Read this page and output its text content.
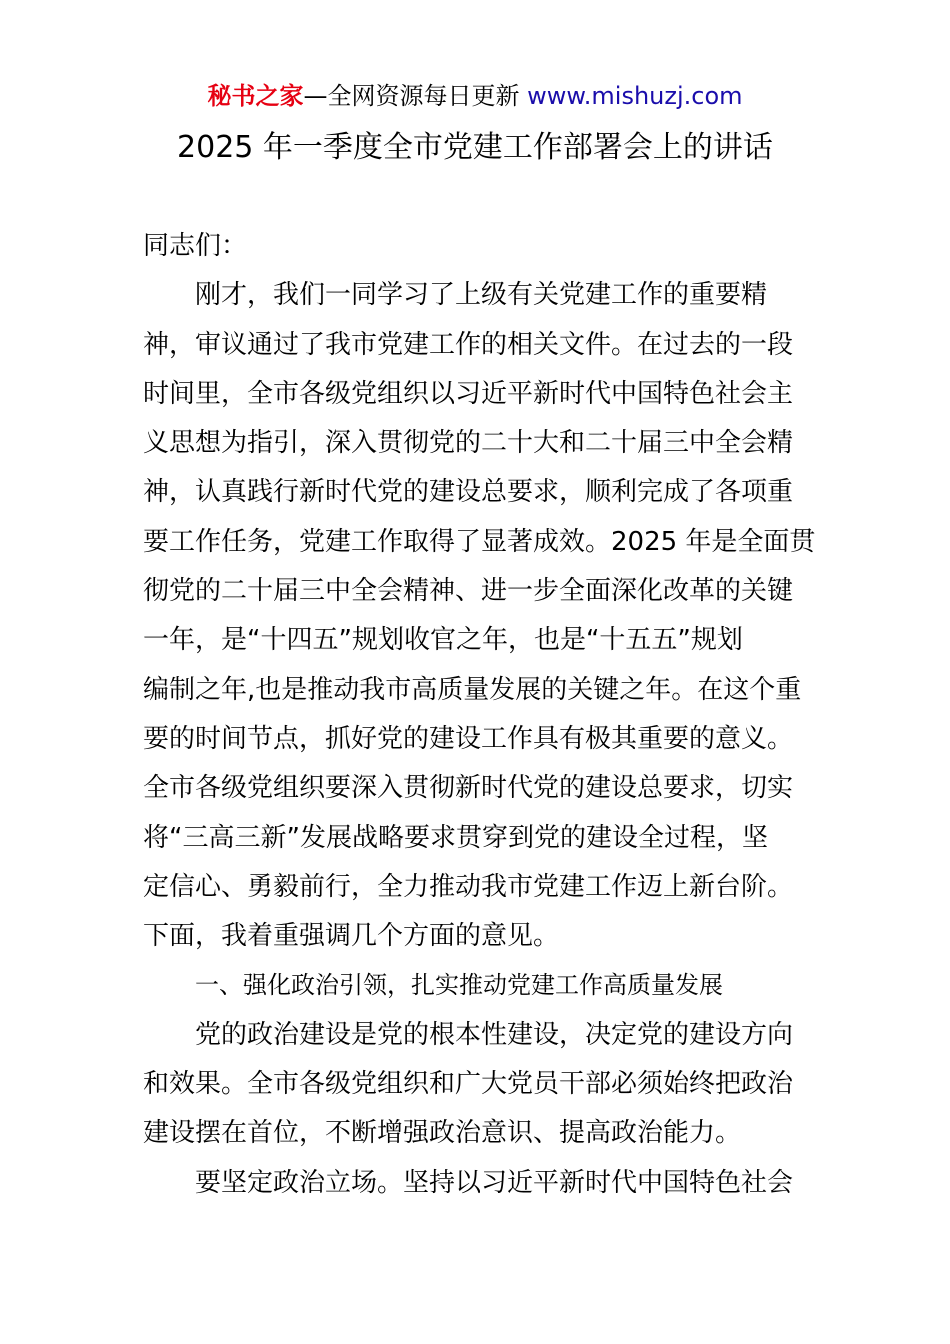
秘书之家—全网资源每日更新 www.mishuzj.com
2025 年一季度全市党建工作部署会上的讲话
同志们：
刚才，我们一同学习了上级有关党建工作的重要精
神，审议通过了我市党建工作的相关文件。在过去的一段
时间里，全市各级党组织以习近平新时代中国特色社会主
义思想为指引，深入贯彻党的二十大和二十届三中全会精
神，认真践行新时代党的建设总要求，顺利完成了各项重
要工作任务，党建工作取得了显著成效。2025 年是全面贯
彻党的二十届三中全会精神、进一步全面深化改革的关键
一年，是“十四五”规划收官之年，也是“十五五”规划
编制之年,也是推动我市高质量发展的关键之年。在这个重
要的时间节点，抓好党的建设工作具有极其重要的意义。
全市各级党组织要深入贯彻新时代党的建设总要求，切实
将“三高三新”发展战略要求贯穿到党的建设全过程，坚
定信心、勇毅前行，全力推动我市党建工作迈上新台阶。
下面，我着重强调几个方面的意见。
一、强化政治引领，扎实推动党建工作高质量发展
党的政治建设是党的根本性建设，决定党的建设方向
和效果。全市各级党组织和广大党员干部必须始终把政治
建设摆在首位，不断增强政治意识、提高政治能力。
要坚定政治立场。坚持以习近平新时代中国特色社会
